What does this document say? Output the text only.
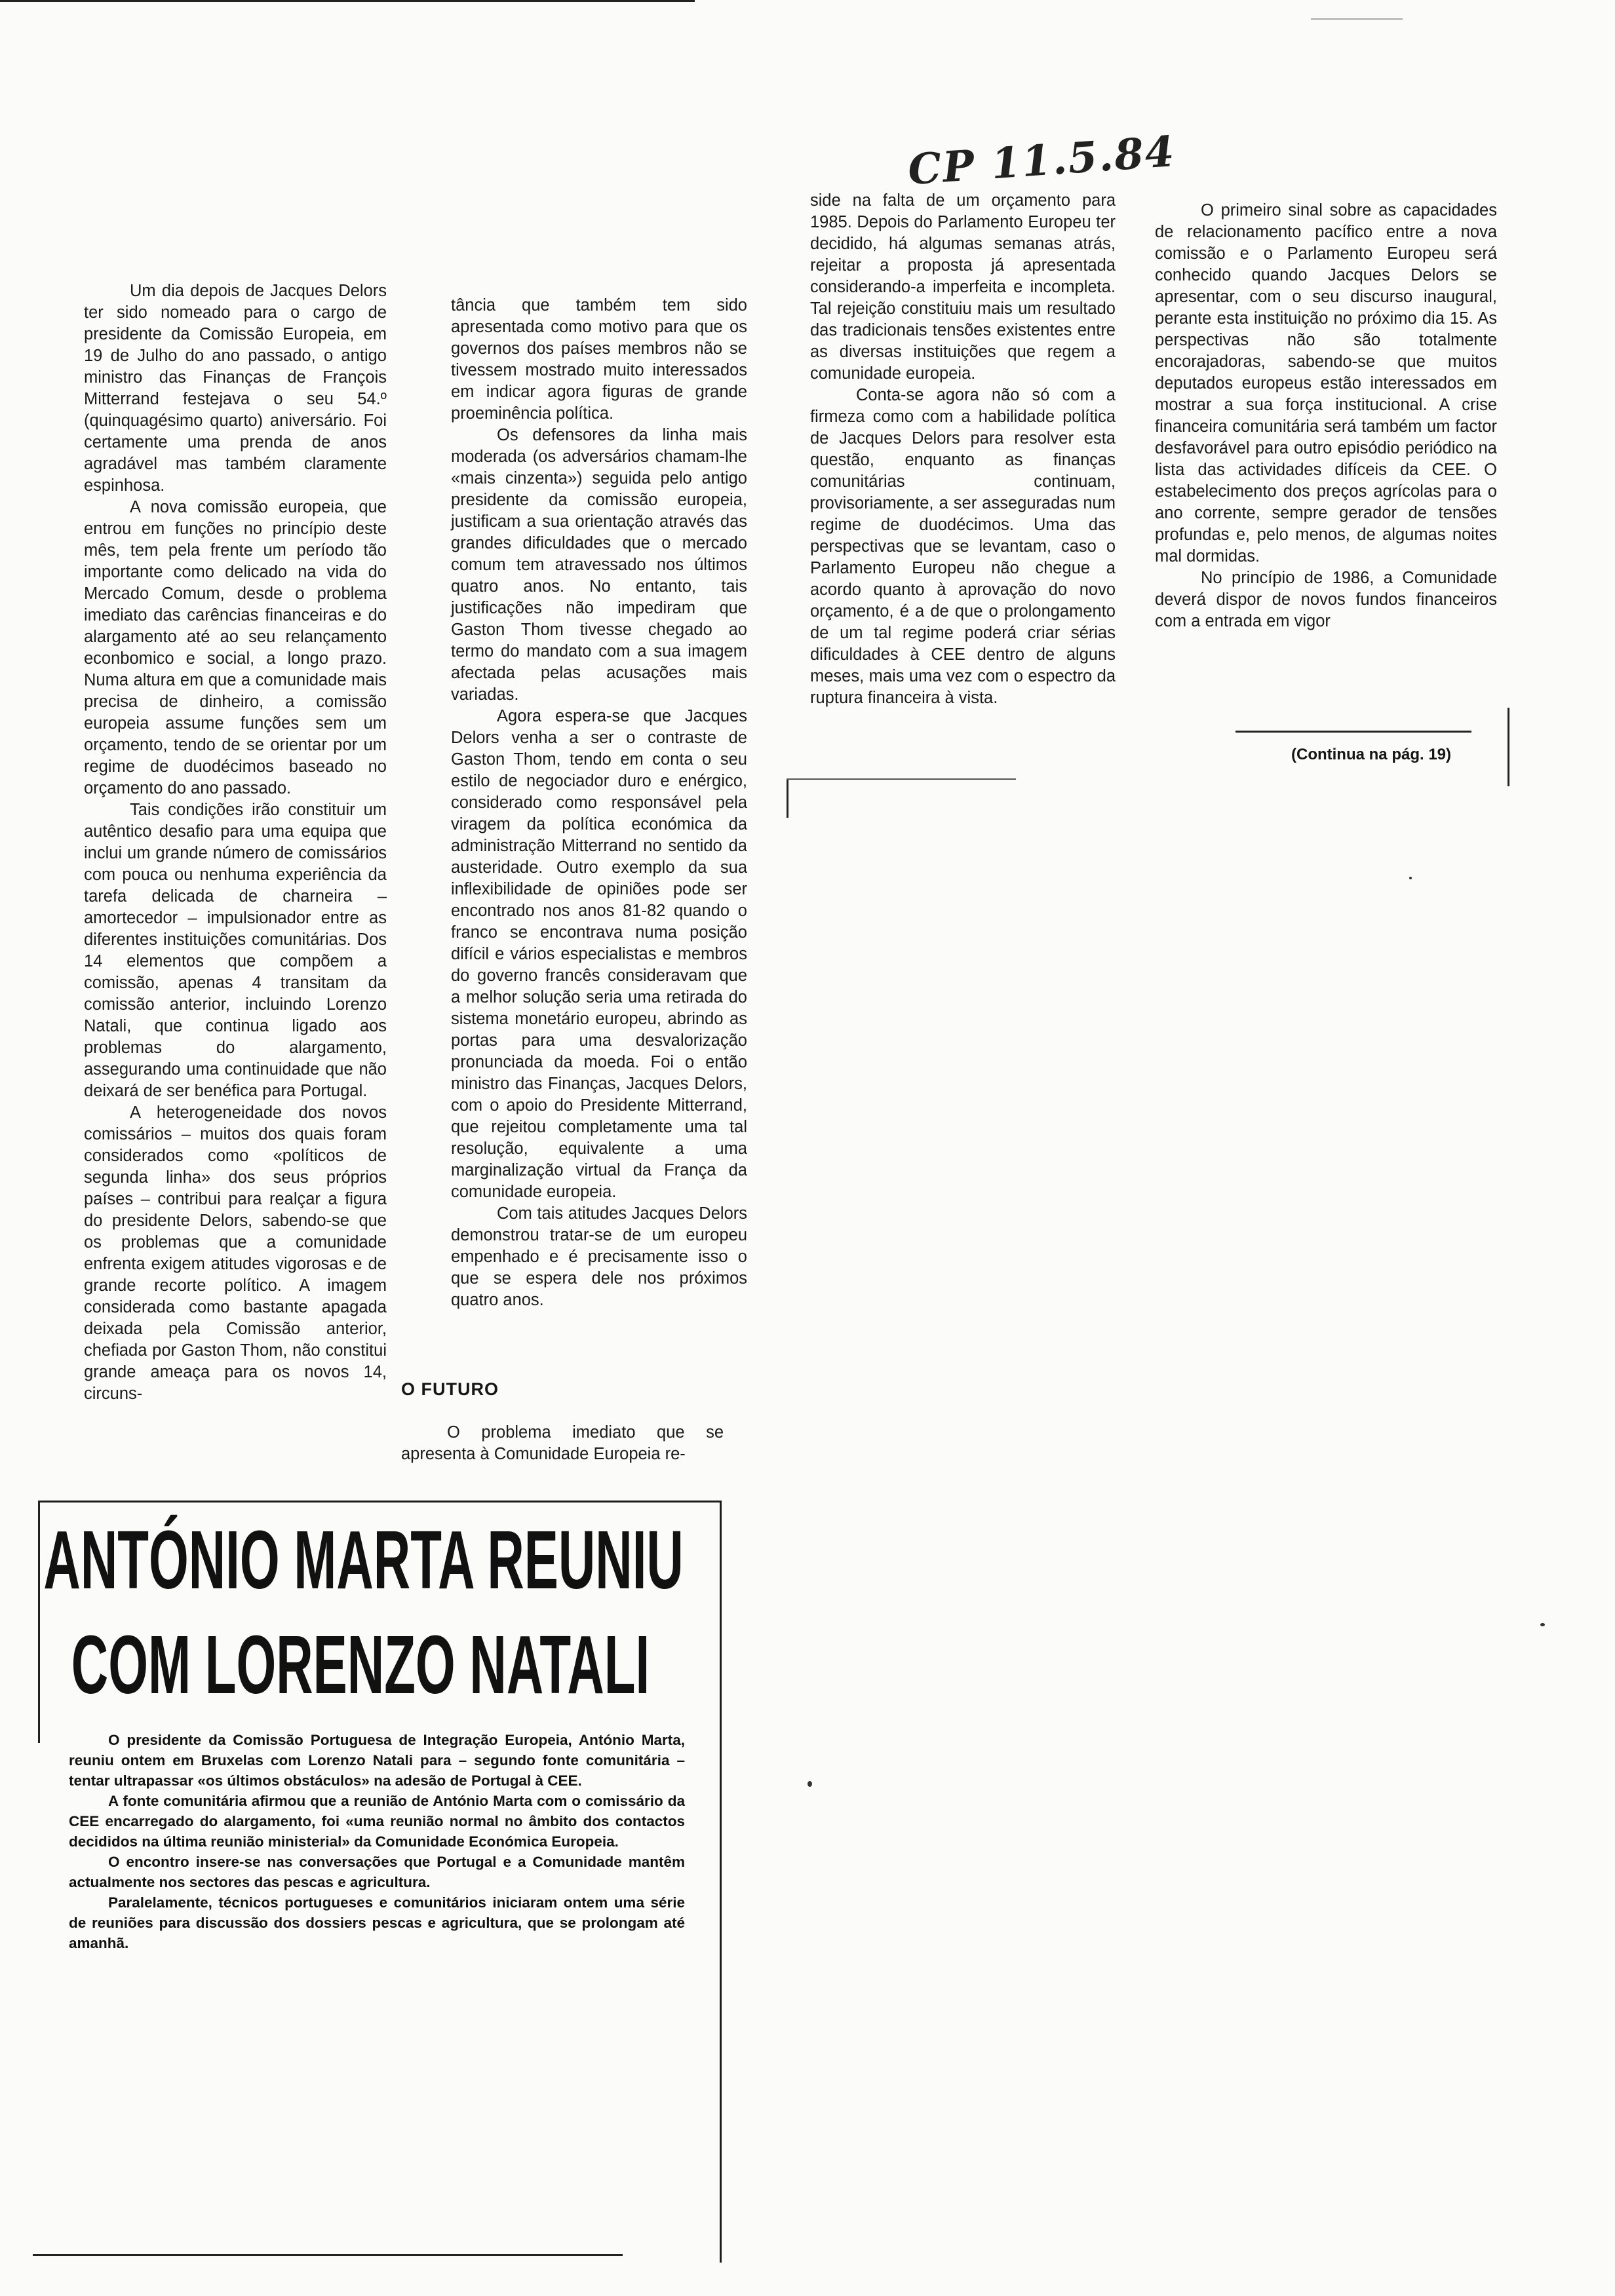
CP 11.5.84

Um dia depois de Jacques Delors ter sido nomeado para o cargo de presidente da Comissão Europeia, em 19 de Julho do ano passado, o antigo ministro das Finanças de François Mitterrand festejava o seu 54.º (quinquagésimo quarto) aniversário. Foi certamente uma prenda de anos agradável mas também claramente espinhosa.

A nova comissão europeia, que entrou em funções no princípio deste mês, tem pela frente um período tão importante como delicado na vida do Mercado Comum, desde o problema imediato das carências financeiras e do alargamento até ao seu relançamento econbomico e social, a longo prazo. Numa altura em que a comunidade mais precisa de dinheiro, a comissão europeia assume funções sem um orçamento, tendo de se orientar por um regime de duodécimos baseado no orçamento do ano passado.

Tais condições irão constituir um autêntico desafio para uma equipa que inclui um grande número de comissários com pouca ou nenhuma experiência da tarefa delicada de charneira – amortecedor – impulsionador entre as diferentes instituições comunitárias. Dos 14 elementos que compõem a comissão, apenas 4 transitam da comissão anterior, incluindo Lorenzo Natali, que continua ligado aos problemas do alargamento, assegurando uma continuidade que não deixará de ser benéfica para Portugal.

A heterogeneidade dos novos comissários – muitos dos quais foram considerados como «políticos de segunda linha» dos seus próprios países – contribui para realçar a figura do presidente Delors, sabendo-se que os problemas que a comunidade enfrenta exigem atitudes vigorosas e de grande recorte político. A imagem considerada como bastante apagada deixada pela Comissão anterior, chefiada por Gaston Thom, não constitui grande ameaça para os novos 14, circuns-

tância que também tem sido apresentada como motivo para que os governos dos países membros não se tivessem mostrado muito interessados em indicar agora figuras de grande proeminência política.

Os defensores da linha mais moderada (os adversários chamam-lhe «mais cinzenta») seguida pelo antigo presidente da comissão europeia, justificam a sua orientação através das grandes dificuldades que o mercado comum tem atravessado nos últimos quatro anos. No entanto, tais justificações não impediram que Gaston Thom tivesse chegado ao termo do mandato com a sua imagem afectada pelas acusações mais variadas.

Agora espera-se que Jacques Delors venha a ser o contraste de Gaston Thom, tendo em conta o seu estilo de negociador duro e enérgico, considerado como responsável pela viragem da política económica da administração Mitterrand no sentido da austeridade. Outro exemplo da sua inflexibilidade de opiniões pode ser encontrado nos anos 81-82 quando o franco se encontrava numa posição difícil e vários especialistas e membros do governo francês consideravam que a melhor solução seria uma retirada do sistema monetário europeu, abrindo as portas para uma desvalorização pronunciada da moeda. Foi o então ministro das Finanças, Jacques Delors, com o apoio do Presidente Mitterrand, que rejeitou completamente uma tal resolução, equivalente a uma marginalização virtual da França da comunidade europeia.

Com tais atitudes Jacques Delors demonstrou tratar-se de um europeu empenhado e é precisamente isso o que se espera dele nos próximos quatro anos.

O FUTURO

O problema imediato que se apresenta à Comunidade Europeia re-

side na falta de um orçamento para 1985. Depois do Parlamento Europeu ter decidido, há algumas semanas atrás, rejeitar a proposta já apresentada considerando-a imperfeita e incompleta. Tal rejeição constituiu mais um resultado das tradicionais tensões existentes entre as diversas instituições que regem a comunidade europeia.

Conta-se agora não só com a firmeza como com a habilidade política de Jacques Delors para resolver esta questão, enquanto as finanças comunitárias continuam, provisoriamente, a ser asseguradas num regime de duodécimos. Uma das perspectivas que se levantam, caso o Parlamento Europeu não chegue a acordo quanto à aprovação do novo orçamento, é a de que o prolongamento de um tal regime poderá criar sérias dificuldades à CEE dentro de alguns meses, mais uma vez com o espectro da ruptura financeira à vista.

O primeiro sinal sobre as capacidades de relacionamento pacífico entre a nova comissão e o Parlamento Europeu será conhecido quando Jacques Delors se apresentar, com o seu discurso inaugural, perante esta instituição no próximo dia 15. As perspectivas não são totalmente encorajadoras, sabendo-se que muitos deputados europeus estão interessados em mostrar a sua força institucional. A crise financeira comunitária será também um factor desfavorável para outro episódio periódico na lista das actividades difíceis da CEE. O estabelecimento dos preços agrícolas para o ano corrente, sempre gerador de tensões profundas e, pelo menos, de algumas noites mal dormidas.

No princípio de 1986, a Comunidade deverá dispor de novos fundos financeiros com a entrada em vigor

(Continua na pág. 19)
ANTÓNIO MARTA REUNIU
COM LORENZO NATALI

O presidente da Comissão Portuguesa de Integração Europeia, António Marta, reuniu ontem em Bruxelas com Lorenzo Natali para – segundo fonte comunitária – tentar ultrapassar «os últimos obstáculos» na adesão de Portugal à CEE.

A fonte comunitária afirmou que a reunião de António Marta com o comissário da CEE encarregado do alargamento, foi «uma reunião normal no âmbito dos contactos decididos na última reunião ministerial» da Comunidade Económica Europeia.

O encontro insere-se nas conversações que Portugal e a Comunidade mantêm actualmente nos sectores das pescas e agricultura.

Paralelamente, técnicos portugueses e comunitários iniciaram ontem uma série de reuniões para discussão dos dossiers pescas e agricultura, que se prolongam até amanhã.
